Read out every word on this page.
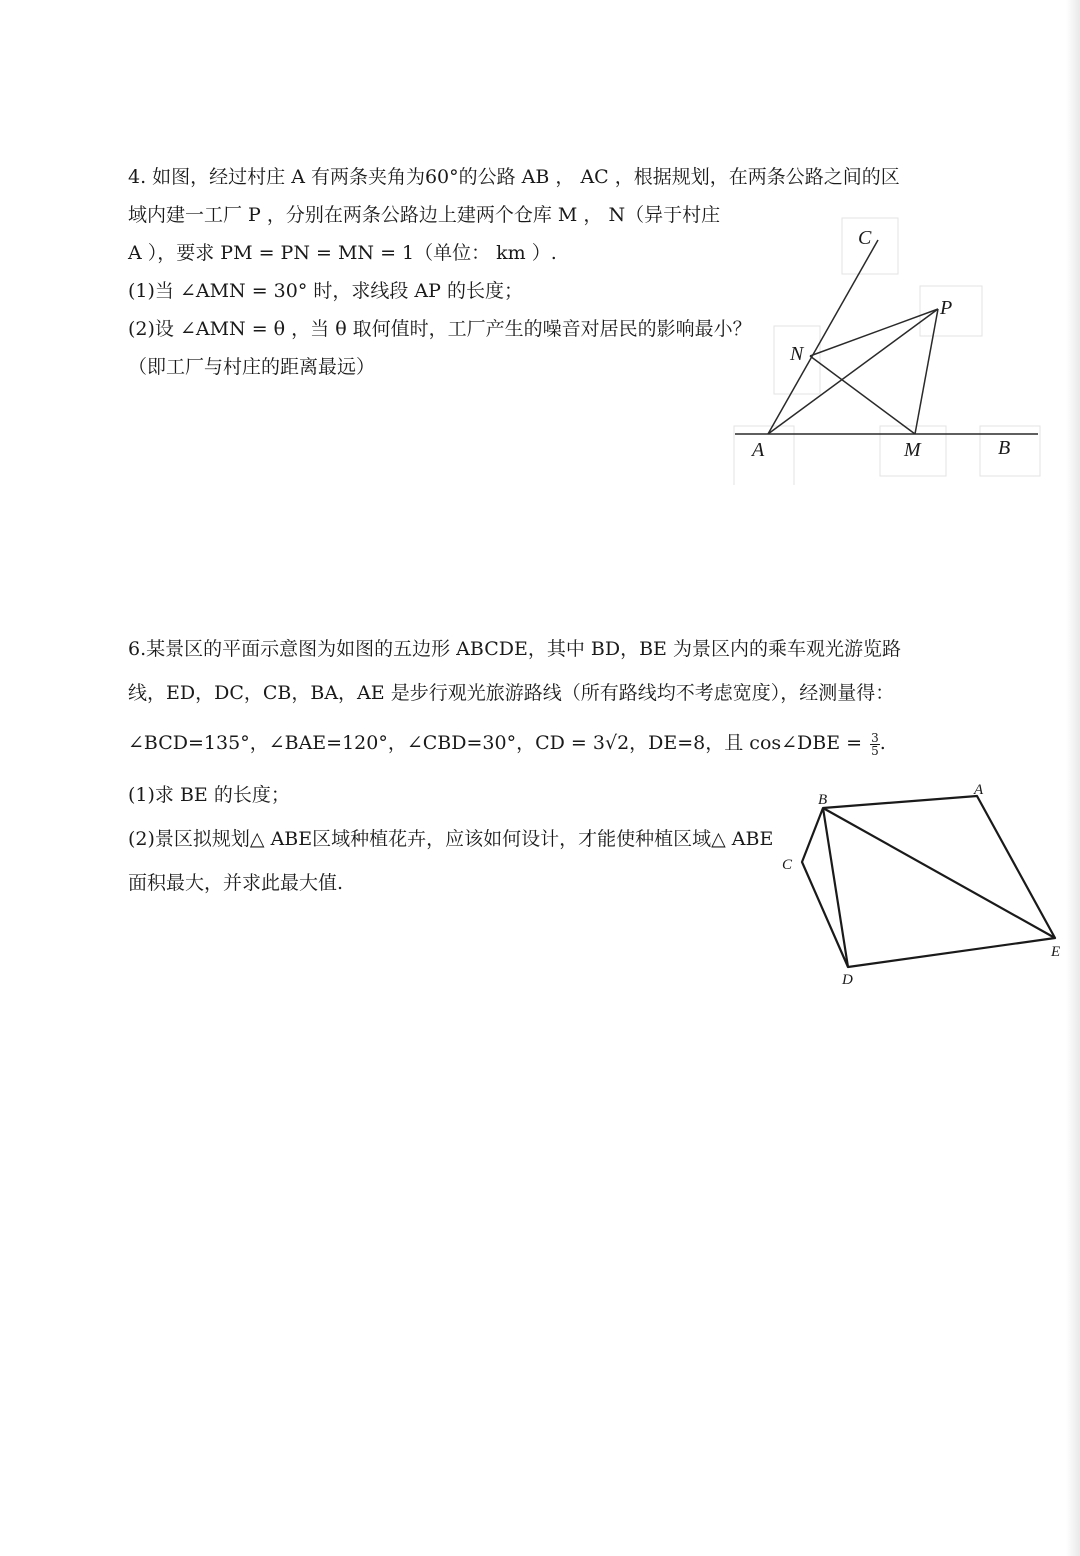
4. 如图，经过村庄 A 有两条夹角为60°的公路 AB ， AC ，根据规划，在两条公路之间的区
域内建一工厂 P ，分别在两条公路边上建两个仓库 M ， N（异于村庄
A ），要求 PM = PN = MN = 1（单位： km ）.
(1)当 ∠AMN = 30° 时，求线段 AP 的长度；
(2)设 ∠AMN = θ ，当 θ 取何值时，工厂产生的噪音对居民的影响最小？
（即工厂与村庄的距离最远）
C
P
N
A	M	B
6.某景区的平面示意图为如图的五边形 ABCDE，其中 BD，BE 为景区内的乘车观光游览路
线，ED，DC，CB，BA，AE 是步行观光旅游路线（所有路线均不考虑宽度），经测量得：
∠BCD=135°，∠BAE=120°，∠CBD=30°，CD = 3√2，DE=8，且 cos∠DBE = $\frac{3}{5}$ .
(1)求 BE 的长度；
(2)景区拟规划△ ABE区域种植花卉，应该如何设计，才能使种植区域△ ABE
面积最大，并求此最大值.
A
B
C
D
E
